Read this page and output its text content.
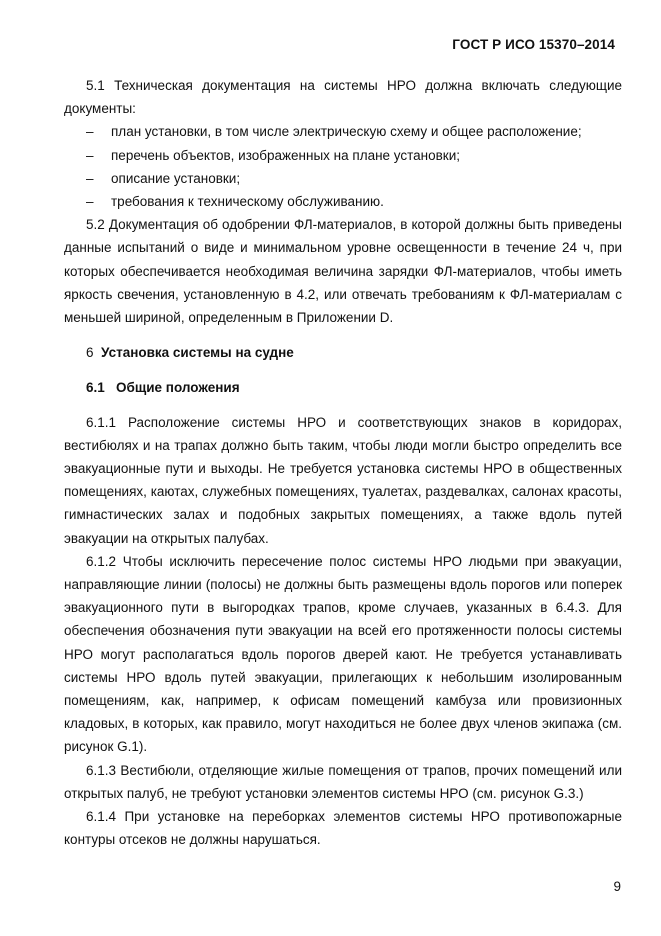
ГОСТ Р ИСО 15370–2014

5.1 Техническая документация на системы НРО должна включать следующие документы:

– план установки, в том числе электрическую схему и общее расположение;
– перечень объектов, изображенных на плане установки;
– описание установки;
– требования к техническому обслуживанию.

5.2 Документация об одобрении ФЛ-материалов, в которой должны быть приведены данные испытаний о виде и минимальном уровне освещенности в течение 24 ч, при которых обеспечивается необходимая величина зарядки ФЛ-материалов, чтобы иметь яркость свечения, установленную в 4.2, или отвечать требованиям к ФЛ-материалам с меньшей шириной, определенным в Приложении D.

6 Установка системы на судне
6.1   Общие положения

6.1.1 Расположение системы НРО и соответствующих знаков в коридорах, вестибюлях и на трапах должно быть таким, чтобы люди могли быстро определить все эвакуационные пути и выходы. Не требуется установка системы НРО в общественных помещениях, каютах, служебных помещениях, туалетах, раздевалках, салонах красоты, гимнастических залах и подобных закрытых помещениях, а также вдоль путей эвакуации на открытых палубах.

6.1.2 Чтобы исключить пересечение полос системы НРО людьми при эвакуации, направляющие линии (полосы) не должны быть размещены вдоль порогов или поперек эвакуационного пути в выгородках трапов, кроме случаев, указанных в 6.4.3. Для обеспечения обозначения пути эвакуации на всей его протяженности полосы системы НРО могут располагаться вдоль порогов дверей кают. Не требуется устанавливать системы НРО вдоль путей эвакуации, прилегающих к небольшим изолированным помещениям, как, например, к офисам помещений камбуза или провизионных кладовых, в которых, как правило, могут находиться не более двух членов экипажа (см. рисунок G.1).

6.1.3 Вестибюли, отделяющие жилые помещения от трапов, прочих помещений или открытых палуб, не требуют установки элементов системы НРО (см. рисунок G.3.)

6.1.4 При установке на переборках элементов системы НРО противопожарные контуры отсеков не должны нарушаться.

9
